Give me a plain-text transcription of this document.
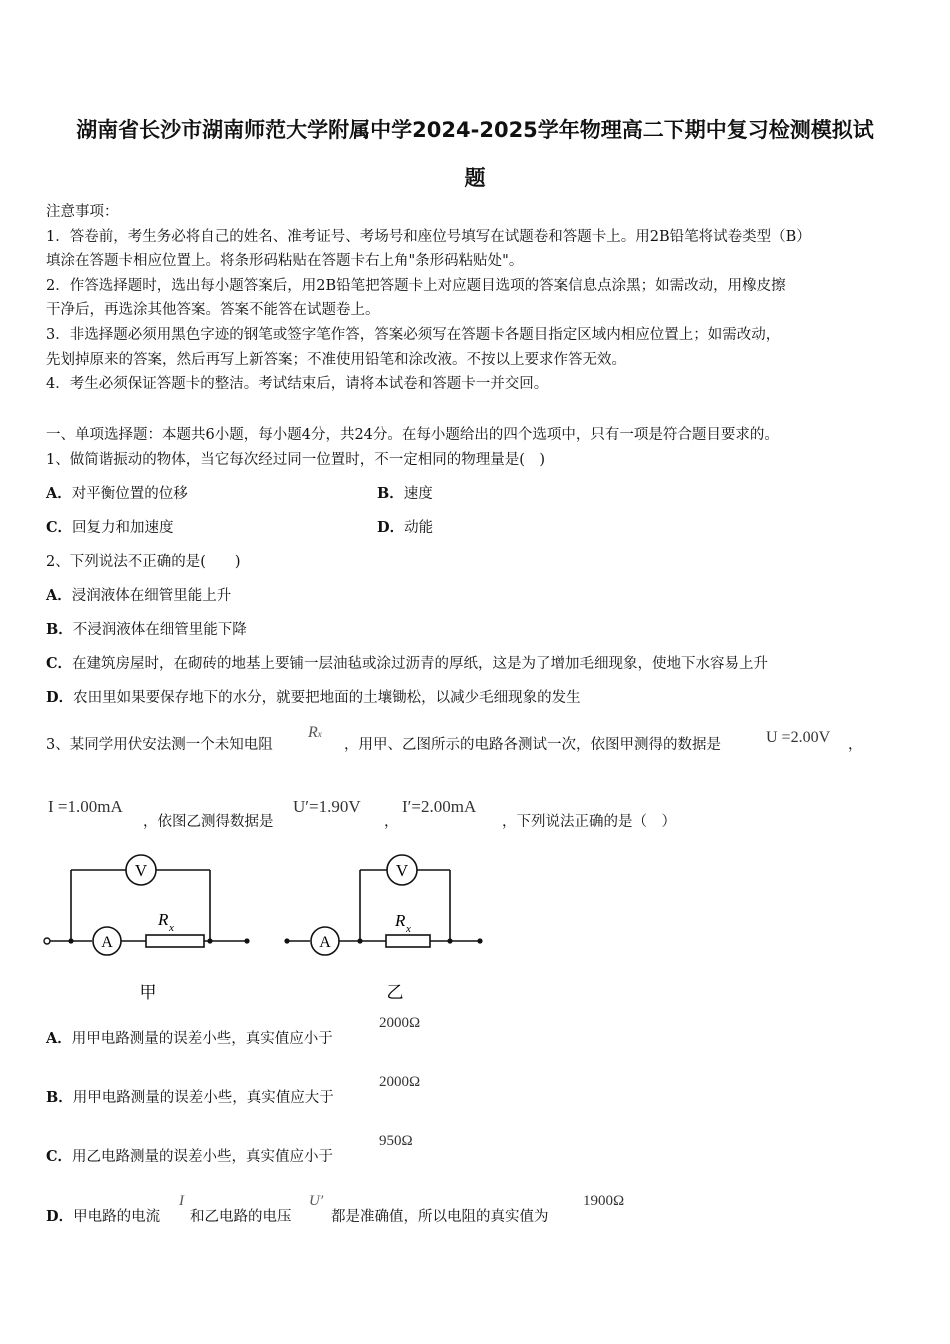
湖南省长沙市湖南师范大学附属中学2024-2025学年物理高二下期中复习检测模拟试
题
注意事项：
1．答卷前，考生务必将自己的姓名、准考证号、考场号和座位号填写在试题卷和答题卡上。用2B铅笔将试卷类型（B）
填涂在答题卡相应位置上。将条形码粘贴在答题卡右上角"条形码粘贴处"。
2．作答选择题时，选出每小题答案后，用2B铅笔把答题卡上对应题目选项的答案信息点涂黑；如需改动，用橡皮擦
干净后，再选涂其他答案。答案不能答在试题卷上。
3．非选择题必须用黑色字迹的钢笔或签字笔作答，答案必须写在答题卡各题目指定区域内相应位置上；如需改动，
先划掉原来的答案，然后再写上新答案；不准使用铅笔和涂改液。不按以上要求作答无效。
4．考生必须保证答题卡的整洁。考试结束后，请将本试卷和答题卡一并交回。
一、单项选择题：本题共6小题，每小题4分，共24分。在每小题给出的四个选项中，只有一项是符合题目要求的。
1、做简谐振动的物体，当它每次经过同一位置时，不一定相同的物理量是(　)
A．对平衡位置的位移	B．速度
C．回复力和加速度	D．动能
2、下列说法不正确的是(　　)
A．浸润液体在细管里能上升
B．不浸润液体在细管里能下降
C．在建筑房屋时，在砌砖的地基上要铺一层油毡或涂过沥青的厚纸，这是为了增加毛细现象，使地下水容易上升
D．农田里如果要保存地下的水分，就要把地面的土壤锄松，以减少毛细现象的发生
3、某同学用伏安法测一个未知电阻
Rx
，用甲、乙图所示的电路各测试一次，依图甲测得的数据是	U =2.00V ，
I =1.00mA
，依图乙测得数据是
U′=1.90V
，
I′=2.00mA
，下列说法正确的是（　）
V
A
R x
甲
V
A
R x
乙
A．用甲电路测量的误差小些，真实值应小于
2000Ω
B．用甲电路测量的误差小些，真实值应大于
2000Ω
C．用乙电路测量的误差小些，真实值应小于
950Ω
D．甲电路的电流
I
和乙电路的电压
U′
都是准确值，所以电阻的真实值为
1900Ω
